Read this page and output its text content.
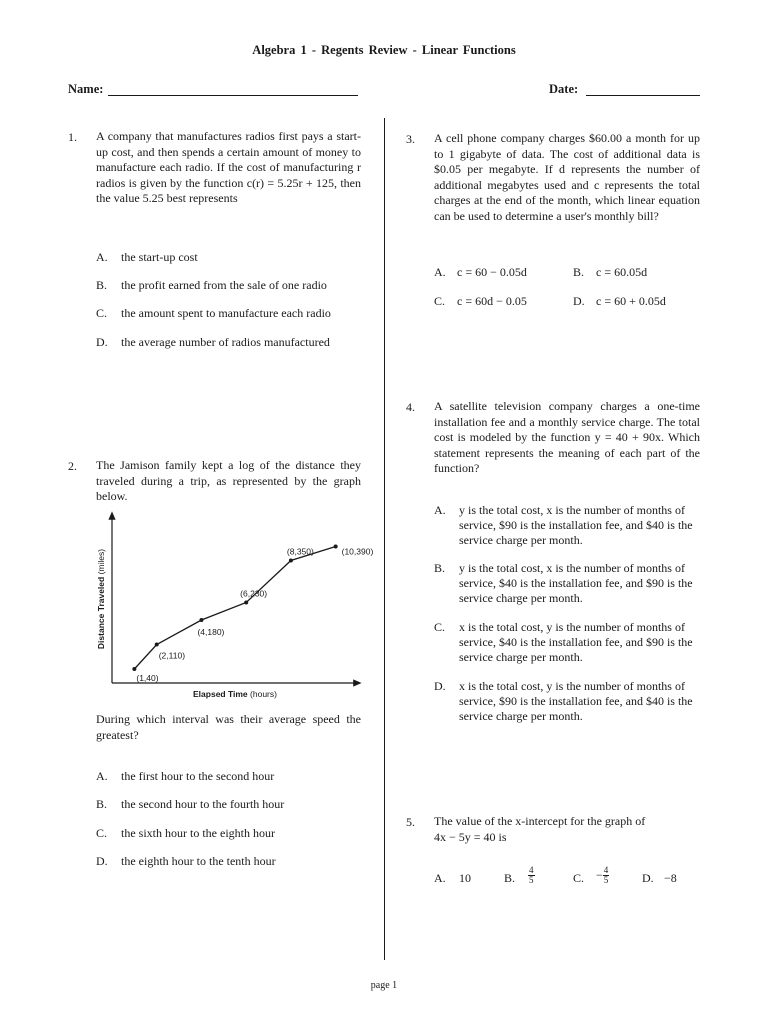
Algebra 1 - Regents Review - Linear Functions
Name:	Date:
1. A company that manufactures radios first pays a start-up cost, and then spends a certain amount of money to manufacture each radio. If the cost of manufacturing r radios is given by the function c(r) = 5.25r + 125, then the value 5.25 best represents
A. the start-up cost
B. the profit earned from the sale of one radio
C. the amount spent to manufacture each radio
D. the average number of radios manufactured
2. The Jamison family kept a log of the distance they traveled during a trip, as represented by the graph below.
Distance Traveled (miles)
Elapsed Time (hours)
(1,40)
(2,110)
(4,180)
(6,230)
(8,350)	(10,390)
During which interval was their average speed the greatest?
A. the first hour to the second hour
B. the second hour to the fourth hour
C. the sixth hour to the eighth hour
D. the eighth hour to the tenth hour
3. A cell phone company charges $60.00 a month for up to 1 gigabyte of data. The cost of additional data is $0.05 per megabyte. If d represents the number of additional megabytes used and c represents the total charges at the end of the month, which linear equation can be used to determine a user's monthly bill?
A. c = 60 − 0.05d	B. c = 60.05d
C. c = 60d − 0.05	D. c = 60 + 0.05d
4. A satellite television company charges a one-time installation fee and a monthly service charge. The total cost is modeled by the function y = 40 + 90x. Which statement represents the meaning of each part of the function?
A. y is the total cost, x is the number of months of service, $90 is the installation fee, and $40 is the service charge per month.
B. y is the total cost, x is the number of months of service, $40 is the installation fee, and $90 is the service charge per month.
C. x is the total cost, y is the number of months of service, $40 is the installation fee, and $90 is the service charge per month.
D. x is the total cost, y is the number of months of service, $90 is the installation fee, and $40 is the service charge per month.
5. The value of the x-intercept for the graph of
4x − 5y = 40 is
A. 10	B. $\frac{4}{5}$	C. − $\frac{4}{5}$	D. −8
page 1
